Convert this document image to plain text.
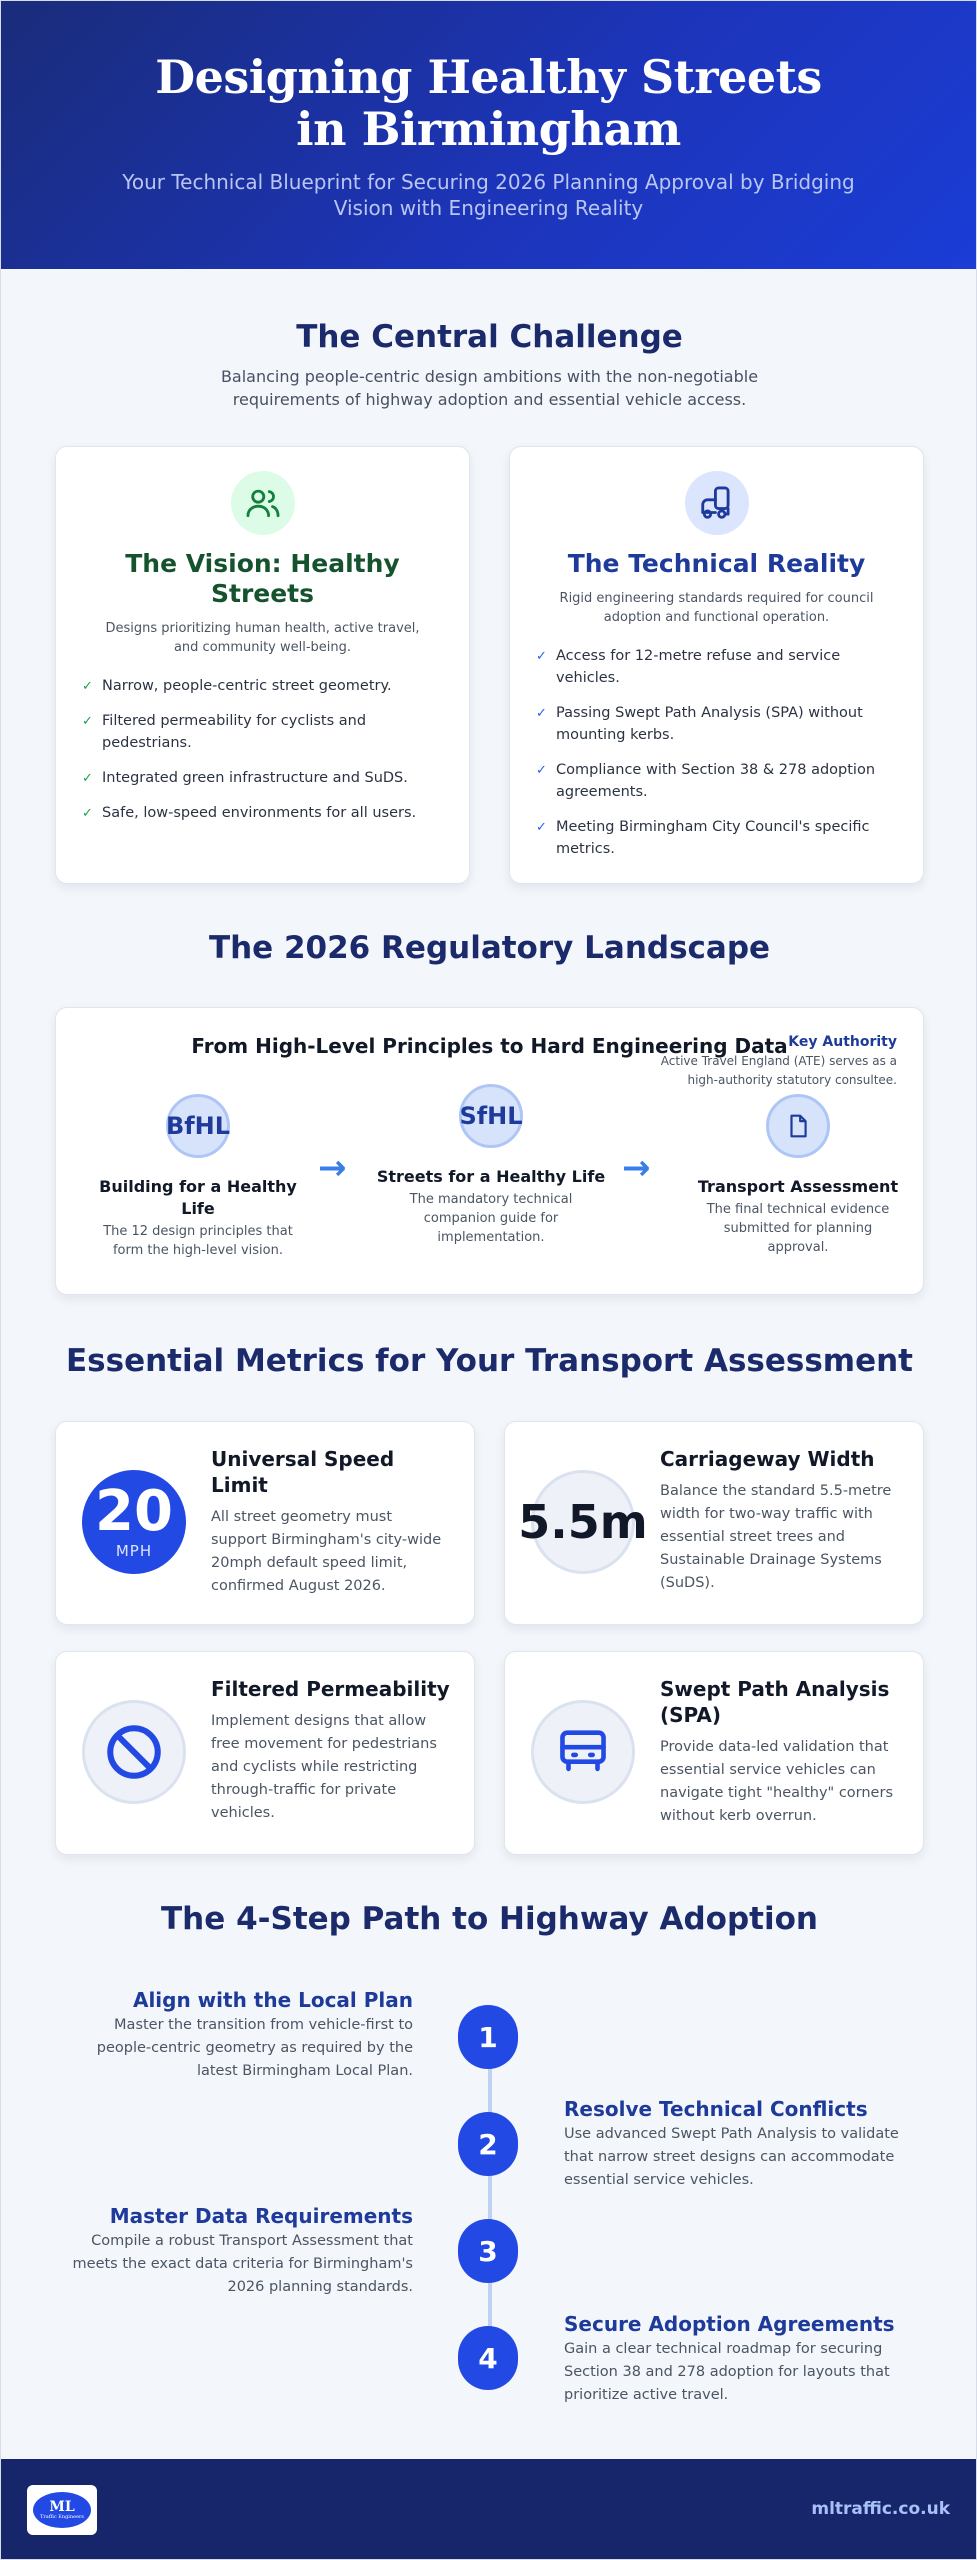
Designing Healthy Streets in Birmingham

Your Technical Blueprint for Securing 2026 Planning Approval by Bridging Vision with Engineering Reality

The Central Challenge

Balancing people-centric design ambitions with the non-negotiable requirements of highway adoption and essential vehicle access.

The Vision: Healthy Streets

Designs prioritizing human health, active travel, and community well-being.

✓ Narrow, people-centric street geometry.
✓ Filtered permeability for cyclists and pedestrians.
✓ Integrated green infrastructure and SuDS.
✓ Safe, low-speed environments for all users.
The Technical Reality

Rigid engineering standards required for council adoption and functional operation.

✓ Access for 12-metre refuse and service vehicles.
✓ Passing Swept Path Analysis (SPA) without mounting kerbs.
✓ Compliance with Section 38 & 278 adoption agreements.
✓ Meeting Birmingham City Council's specific metrics.
The 2026 Regulatory Landscape
From High-Level Principles to Hard Engineering Data Key Authority
Active Travel England (ATE) serves as a high-authority statutory consultee.
BfHL
Building for a Healthy Life
The 12 design principles that form the high-level vision.
→
SfHL
Streets for a Healthy Life
The mandatory technical companion guide for implementation.
→	Transport Assessment
The final technical evidence submitted for planning approval.
Essential Metrics for Your Transport Assessment
20
MPH
Universal Speed Limit
All street geometry must support Birmingham's city-wide 20mph default speed limit, confirmed August 2026.
5.5m
Carriageway Width
Balance the standard 5.5-metre width for two-way traffic with essential street trees and Sustainable Drainage Systems (SuDS).
Filtered Permeability
Implement designs that allow free movement for pedestrians and cyclists while restricting through-traffic for private vehicles.
Swept Path Analysis (SPA)
Provide data-led validation that essential service vehicles can navigate tight "healthy" corners without kerb overrun.
The 4-Step Path to Highway Adoption
1
2
3
4
Align with the Local Plan
Master the transition from vehicle-first to people-centric geometry as required by the latest Birmingham Local Plan.
Resolve Technical Conflicts
Use advanced Swept Path Analysis to validate that narrow street designs can accommodate essential service vehicles.
Master Data Requirements
Compile a robust Transport Assessment that meets the exact data criteria for Birmingham's 2026 planning standards.
Secure Adoption Agreements
Gain a clear technical roadmap for securing Section 38 and 278 adoption for layouts that prioritize active travel.
ML
Traffic Engineers	mltraffic.co.uk
